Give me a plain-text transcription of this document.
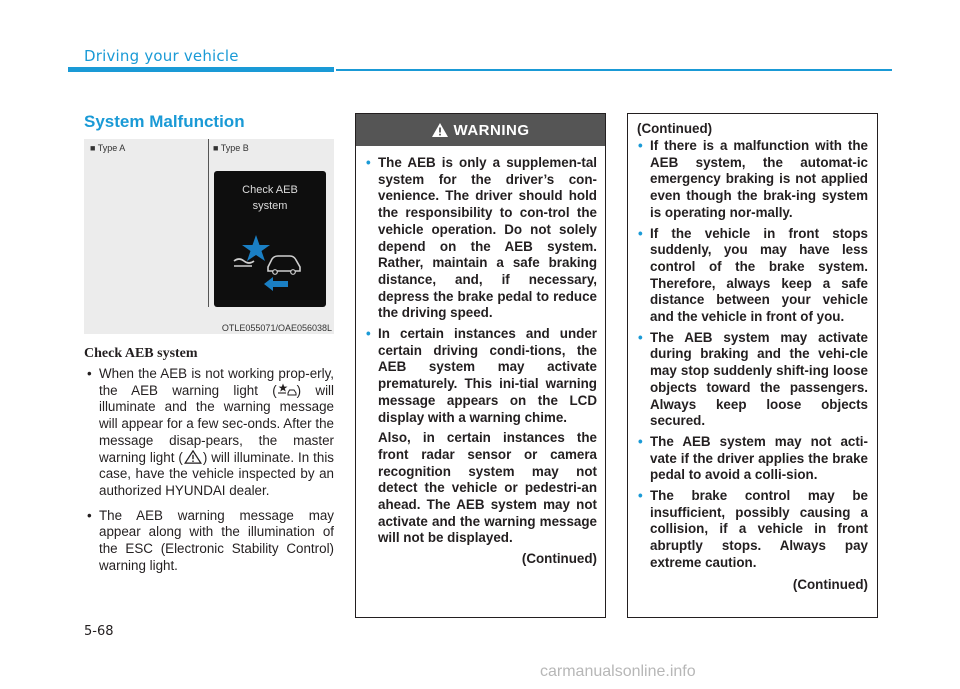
Driving your vehicle
System Malfunction
■ Type A	■ Type B
Check AEB
system
OTLE055071/OAE056038L
Check AEB system
• When the AEB is not working prop-erly, the AEB warning light ( ) will illuminate and the warning message will appear for a few sec-onds. After the message disap-pears, the master warning light ( ) will illuminate. In this case, have the vehicle inspected by an authorized HYUNDAI dealer.
• The AEB warning message may appear along with the illumination of the ESC (Electronic Stability Control) warning light.
WARNING
• The AEB is only a supplemen-tal system for the driver’s con-venience. The driver should hold the responsibility to con-trol the vehicle operation. Do not solely depend on the AEB system. Rather, maintain a safe braking distance, and, if necessary, depress the brake pedal to reduce the driving speed.
• In certain instances and under certain driving condi-tions, the AEB system may activate prematurely. This ini-tial warning message appears on the LCD display with a warning chime.
Also, in certain instances the front radar sensor or camera recognition system may not detect the vehicle or pedestri-an ahead. The AEB system may not activate and the warning message will not be displayed.
(Continued)
(Continued)
• If there is a malfunction with the AEB system, the automat-ic emergency braking is not applied even though the brak-ing system is operating nor-mally.
• If the vehicle in front stops suddenly, you may have less control of the brake system. Therefore, always keep a safe distance between your vehicle and the vehicle in front of you.
• The AEB system may activate during braking and the vehi-cle may stop suddenly shift-ing loose objects toward the passengers. Always keep loose objects secured.
• The AEB system may not acti-vate if the driver applies the brake pedal to avoid a colli-sion.
• The brake control may be insufficient, possibly causing a collision, if a vehicle in front abruptly stops. Always pay extreme caution.
(Continued)
5-68
carmanualsonline.info
